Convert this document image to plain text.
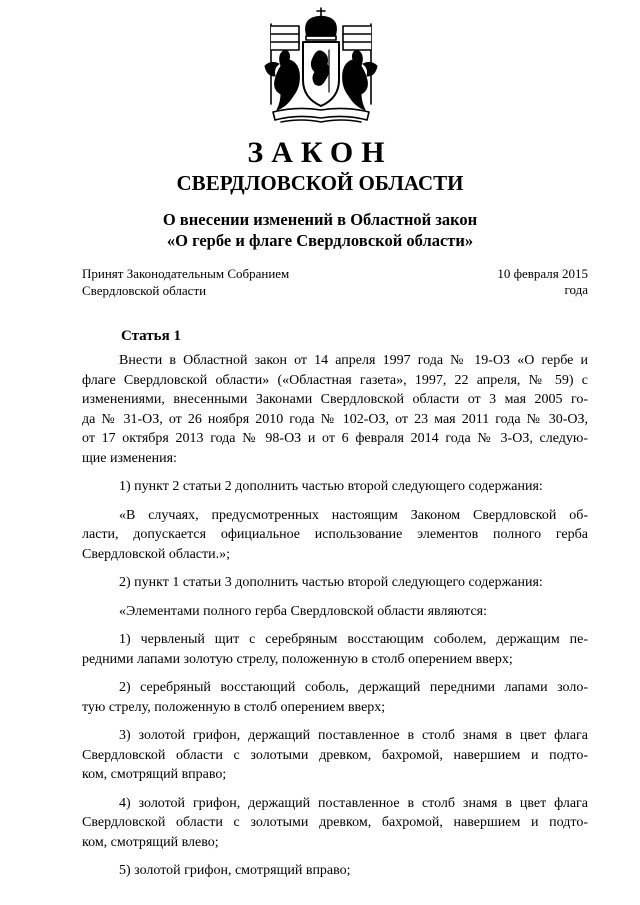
ЗАКОН
СВЕРДЛОВСКОЙ ОБЛАСТИ
О внесении изменений в Областной закон
«О гербе и флаге Свердловской области»
Принят Законодательным Собранием
Свердловской области
10 февраля 2015 года
Статья 1

Внести в Областной закон от 14 апреля 1997 года № 19-ОЗ «О гербе и
флаге Свердловской области» («Областная газета», 1997, 22 апреля, № 59) с
изменениями, внесенными Законами Свердловской области от 3 мая 2005 го-
да № 31-ОЗ, от 26 ноября 2010 года № 102-ОЗ, от 23 мая 2011 года № 30-ОЗ,
от 17 октября 2013 года № 98-ОЗ и от 6 февраля 2014 года № 3-ОЗ, следую-
щие изменения:

1) пункт 2 статьи 2 дополнить частью второй следующего содержания:

«В случаях, предусмотренных настоящим Законом Свердловской об-
ласти, допускается официальное использование элементов полного герба
Свердловской области.»;

2) пункт 1 статьи 3 дополнить частью второй следующего содержания:

«Элементами полного герба Свердловской области являются:

1) червленый щит с серебряным восстающим соболем, держащим пе-
редними лапами золотую стрелу, положенную в столб оперением вверх;

2) серебряный восстающий соболь, держащий передними лапами золо-
тую стрелу, положенную в столб оперением вверх;

3) золотой грифон, держащий поставленное в столб знамя в цвет флага
Свердловской области с золотыми древком, бахромой, навершием и подто-
ком, смотрящий вправо;

4) золотой грифон, держащий поставленное в столб знамя в цвет флага
Свердловской области с золотыми древком, бахромой, навершием и подто-
ком, смотрящий влево;

5) золотой грифон, смотрящий вправо;
